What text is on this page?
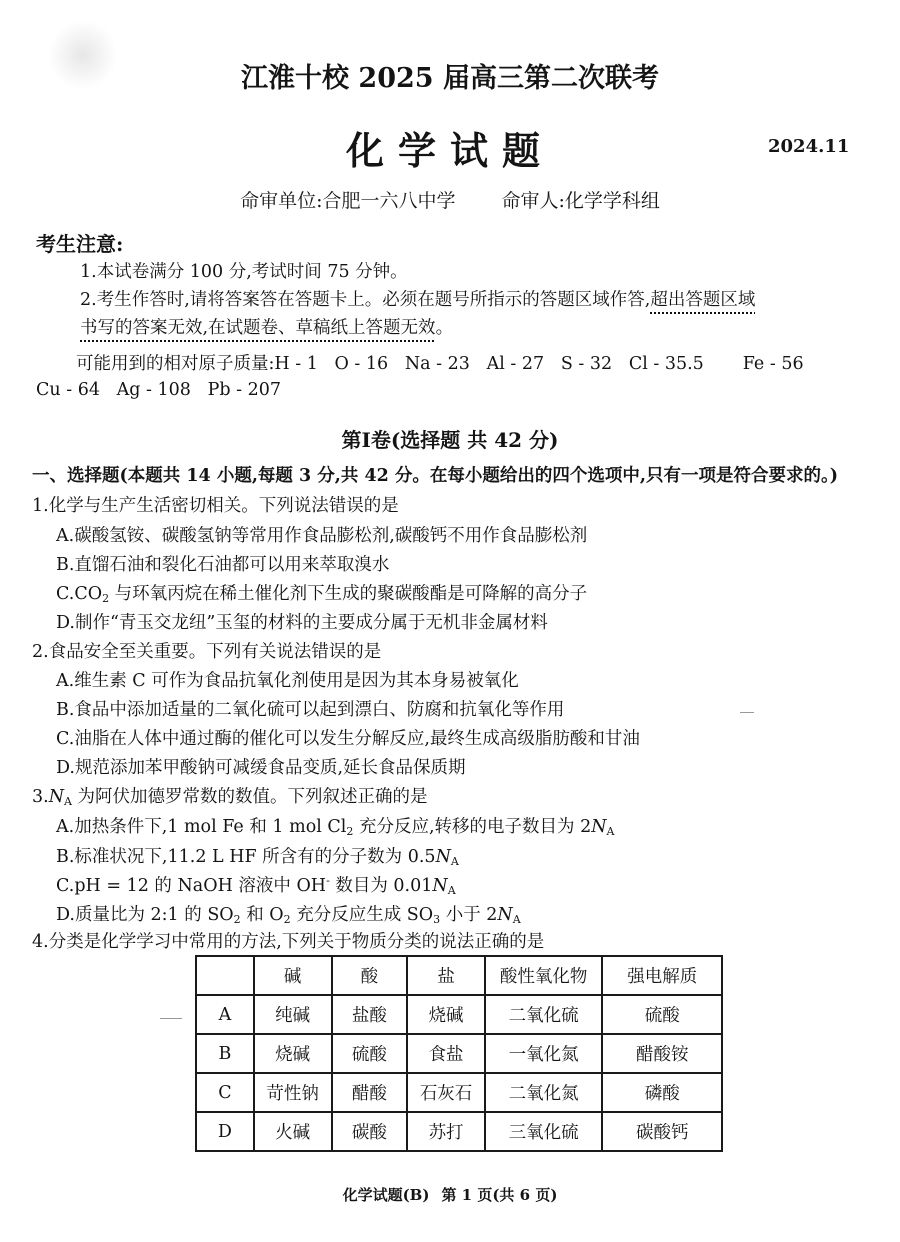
江淮十校 2025 届高三第二次联考
化学试题	2024.11
命审单位:合肥一六八中学 命审人:化学学科组
考生注意:
1.本试卷满分 100 分,考试时间 75 分钟。
2.考生作答时,请将答案答在答题卡上。必须在题号所指示的答题区域作答,超出答题区域
书写的答案无效,在试题卷、草稿纸上答题无效。
可能用到的相对原子质量:H - 1   O - 16   Na - 23   Al - 27   S - 32   Cl - 35.5       Fe - 56
Cu - 64   Ag - 108   Pb - 207
第Ⅰ卷(选择题 共 42 分)
一、选择题(本题共 14 小题,每题 3 分,共 42 分。在每小题给出的四个选项中,只有一项是符合要求的。)
1.化学与生产生活密切相关。下列说法错误的是
A.碳酸氢铵、碳酸氢钠等常用作食品膨松剂,碳酸钙不用作食品膨松剂
B.直馏石油和裂化石油都可以用来萃取溴水
$C.CO_2$ 与环氧丙烷在稀土催化剂下生成的聚碳酸酯是可降解的高分子
D.制作“青玉交龙纽”玉玺的材料的主要成分属于无机非金属材料
2.食品安全至关重要。下列有关说法错误的是
A.维生素 C 可作为食品抗氧化剂使用是因为其本身易被氧化
B.食品中添加适量的二氧化硫可以起到漂白、防腐和抗氧化等作用
C.油脂在人体中通过酶的催化可以发生分解反应,最终生成高级脂肪酸和甘油
D.规范添加苯甲酸钠可减缓食品变质,延长食品保质期
$3.N_A$ 为阿伏加德罗常数的数值。下列叙述正确的是
A.加热条件下,1 mol Fe 和 1 mol $Cl_2$ 充分反应,转移的电子数目为 $2N_A$
B.标准状况下,11.2 L HF 所含有的分子数为 $0.5N_A$
C.pH = 12 的 NaOH 溶液中 OH- 数目为 $0.01N_A$
D.质量比为 2:1 的 $SO_2$ 和 $O_2$ 充分反应生成 $SO_3$ 小于 $2N_A$
4.分类是化学学习中常用的方法,下列关于物质分类的说法正确的是
	碱	酸	盐	酸性氧化物	强电解质
A	纯碱	盐酸	烧碱	二氧化硫	硫酸
B	烧碱	硫酸	食盐	一氧化氮	醋酸铵
C	苛性钠	醋酸	石灰石	二氧化氮	磷酸
D	火碱	碳酸	苏打	三氧化硫	碳酸钙
化学试题(B) 第 1 页(共 6 页)
